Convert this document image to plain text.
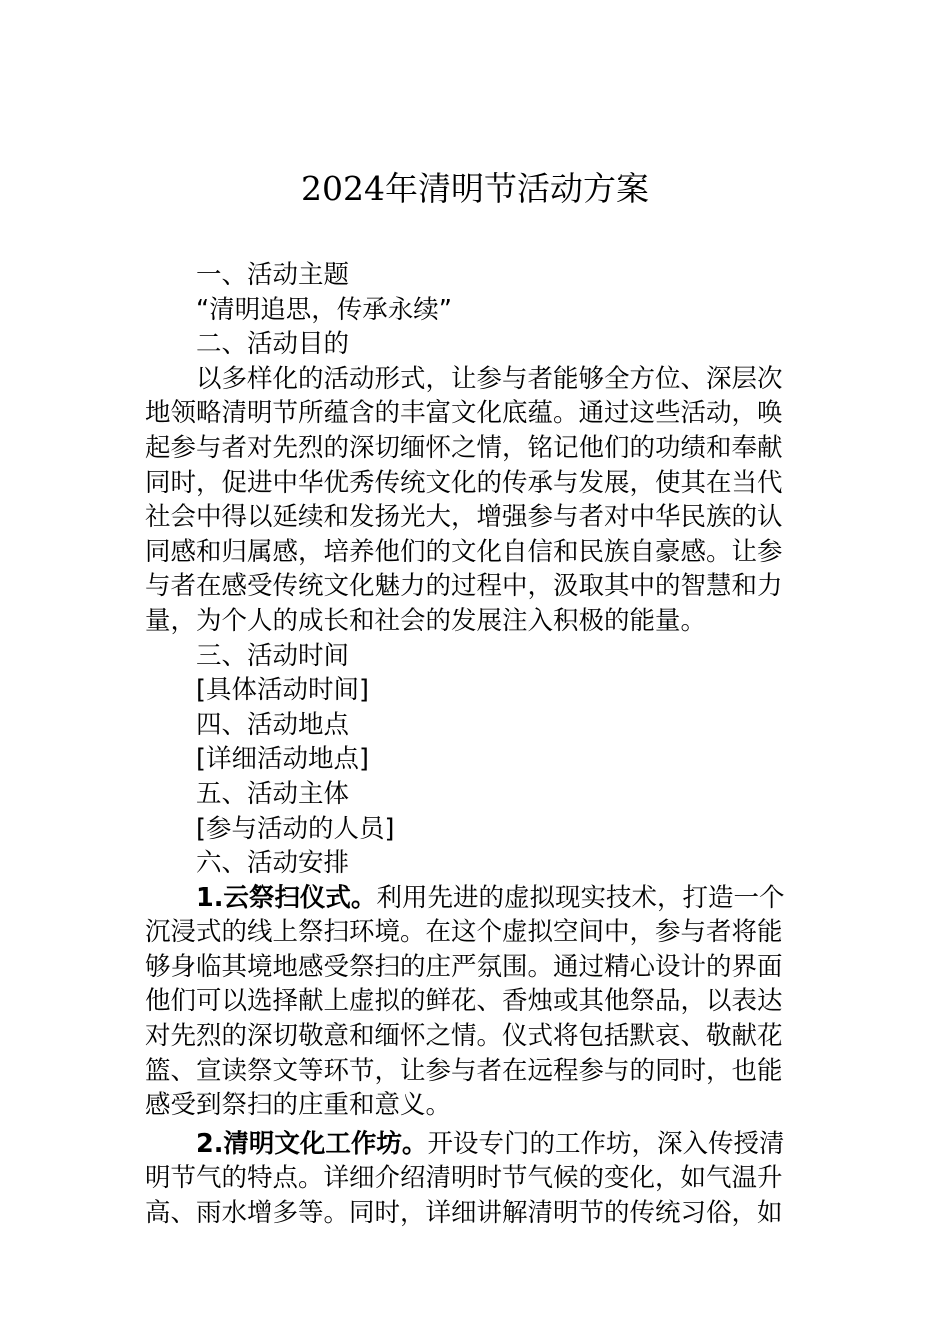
2024年清明节活动方案
一、活动主题
“清明追思，传承永续”
二、活动目的
以多样化的活动形式，让参与者能够全方位、深层次
地领略清明节所蕴含的丰富文化底蕴。通过这些活动，唤
起参与者对先烈的深切缅怀之情，铭记他们的功绩和奉献
同时，促进中华优秀传统文化的传承与发展，使其在当代
社会中得以延续和发扬光大，增强参与者对中华民族的认
同感和归属感，培养他们的文化自信和民族自豪感。让参
与者在感受传统文化魅力的过程中，汲取其中的智慧和力
量，为个人的成长和社会的发展注入积极的能量。
三、活动时间
[具体活动时间]
四、活动地点
[详细活动地点]
五、活动主体
[参与活动的人员]
六、活动安排
1.云祭扫仪式。利用先进的虚拟现实技术，打造一个
沉浸式的线上祭扫环境。在这个虚拟空间中，参与者将能
够身临其境地感受祭扫的庄严氛围。通过精心设计的界面
他们可以选择献上虚拟的鲜花、香烛或其他祭品，以表达
对先烈的深切敬意和缅怀之情。仪式将包括默哀、敬献花
篮、宣读祭文等环节，让参与者在远程参与的同时，也能
感受到祭扫的庄重和意义。
2.清明文化工作坊。开设专门的工作坊，深入传授清
明节气的特点。详细介绍清明时节气候的变化，如气温升
高、雨水增多等。同时，详细讲解清明节的传统习俗，如
